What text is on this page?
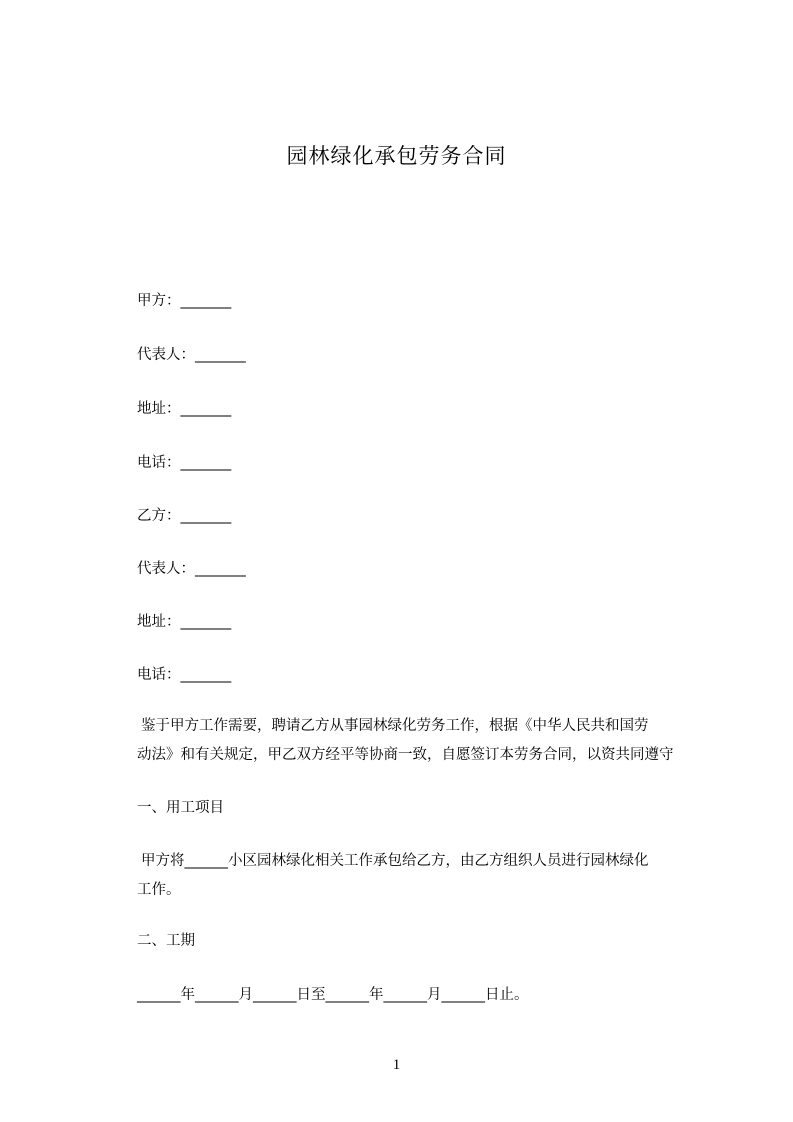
园林绿化承包劳务合同
甲方：_______
代表人：_______
地址：_______
电话：_______
乙方：_______
代表人：_______
地址：_______
电话：_______
鉴于甲方工作需要，聘请乙方从事园林绿化劳务工作，根据《中华人民共和国劳
动法》和有关规定，甲乙双方经平等协商一致，自愿签订本劳务合同，以资共同遵守
一、用工项目
甲方将______小区园林绿化相关工作承包给乙方，由乙方组织人员进行园林绿化
工作。
二、工期
______年______月______日至______年______月______日止。
1
